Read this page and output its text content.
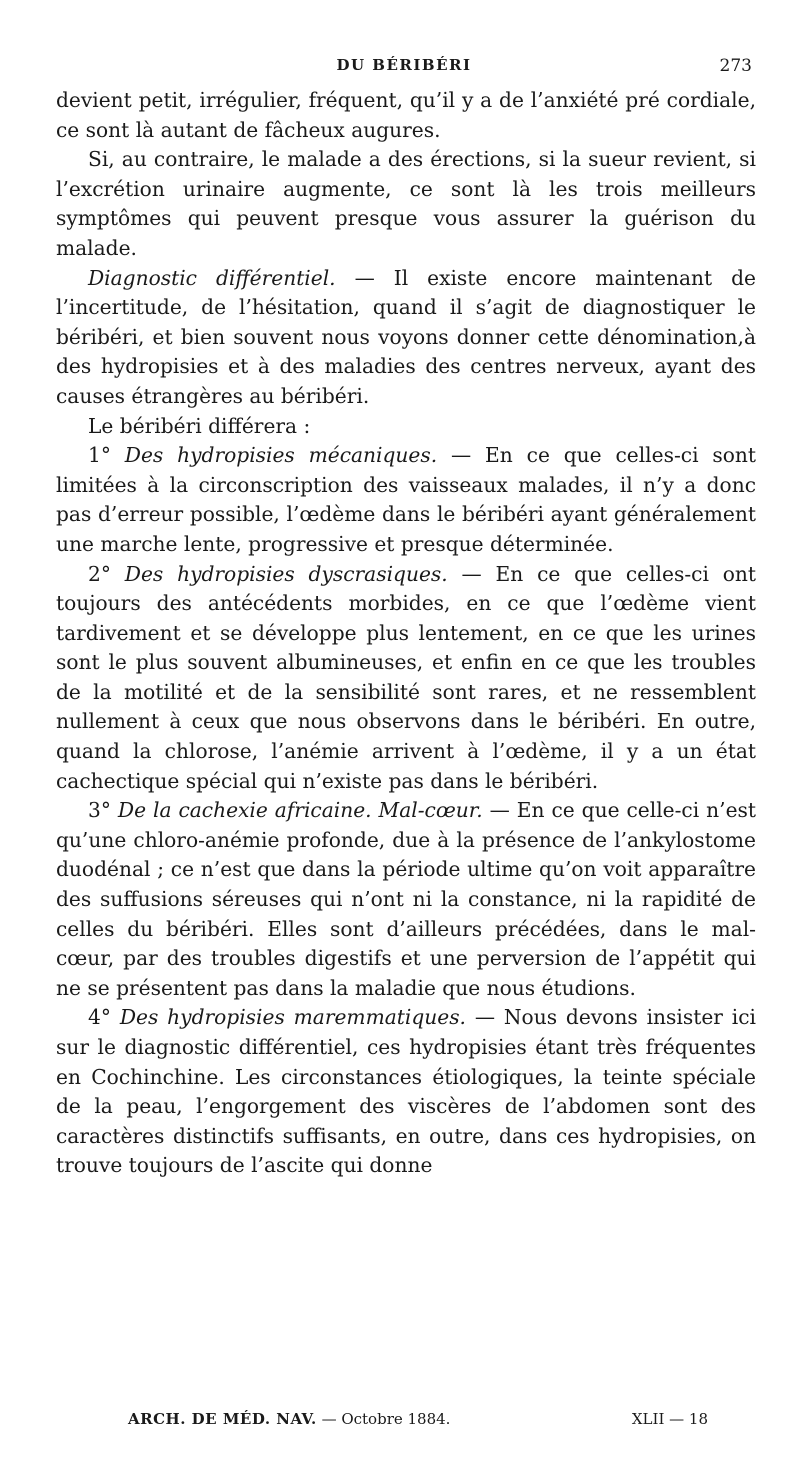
DU BÉRIBÉRI	273

devient petit, irrégulier, fréquent, qu’il y a de l’anxiété pré cordiale, ce sont là autant de fâcheux augures.

Si, au contraire, le malade a des érections, si la sueur revient, si l’excrétion urinaire augmente, ce sont là les trois meilleurs symptômes qui peuvent presque vous assurer la guérison du malade.

Diagnostic différentiel. — Il existe encore maintenant de l’incertitude, de l’hésitation, quand il s’agit de diagnostiquer le béribéri, et bien souvent nous voyons donner cette dénomination,à des hydropisies et à des maladies des centres nerveux, ayant des causes étrangères au béribéri.

Le béribéri différera :

1° Des hydropisies mécaniques. — En ce que celles-ci sont limitées à la circonscription des vaisseaux malades, il n’y a donc pas d’erreur possible, l’œdème dans le béribéri ayant généralement une marche lente, progressive et presque déterminée.

2° Des hydropisies dyscrasiques. — En ce que celles-ci ont toujours des antécédents morbides, en ce que l’œdème vient tardivement et se développe plus lentement, en ce que les urines sont le plus souvent albumineuses, et enfin en ce que les troubles de la motilité et de la sensibilité sont rares, et ne ressemblent nullement à ceux que nous observons dans le béribéri. En outre, quand la chlorose, l’anémie arrivent à l’œdème, il y a un état cachectique spécial qui n’existe pas dans le béribéri.

3° De la cachexie africaine. Mal-cœur. — En ce que celle-ci n’est qu’une chloro-anémie profonde, due à la présence de l’ankylostome duodénal ; ce n’est que dans la période ultime qu’on voit apparaître des suffusions séreuses qui n’ont ni la constance, ni la rapidité de celles du béribéri. Elles sont d’ailleurs précédées, dans le mal-cœur, par des troubles digestifs et une perversion de l’appétit qui ne se présentent pas dans la maladie que nous étudions.

4° Des hydropisies maremmatiques. — Nous devons insister ici sur le diagnostic différentiel, ces hydropisies étant très fréquentes en Cochinchine. Les circonstances étiologiques, la teinte spéciale de la peau, l’engorgement des viscères de l’abdomen sont des caractères distinctifs suffisants, en outre, dans ces hydropisies, on trouve toujours de l’ascite qui donne

ARCH. DE MÉD. NAV. — Octobre 1884.	XLII — 18
